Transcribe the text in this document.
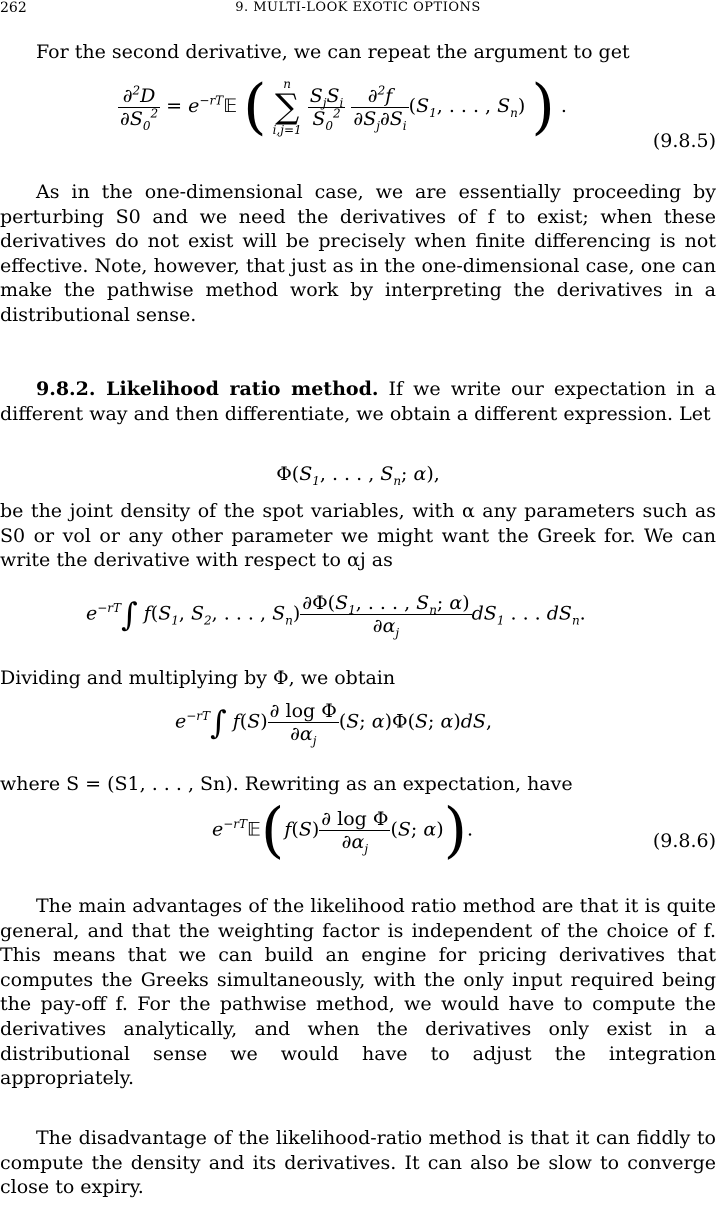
262	9. MULTI-LOOK EXOTIC OPTIONS
For the second derivative, we can repeat the argument to get
$\frac{\partial^2D}{\partial S_0^2}$ = $e^{-rT}𝔼$ (	n
∑
i,j=1

$\frac{S_jS_i}{S_0^2}$
$\frac{\partial^2f}{\partial S_j\partial S_i} (S_1$, . . . , $S_n$) ) .
(9.8.5)
As in the one-dimensional case, we are essentially proceeding by perturbing S0 and we need the derivatives of f to exist; when these derivatives do not exist will be precisely when finite differencing is not effective. Note, however, that just as in the one-dimensional case, one can make the pathwise method work by interpreting the derivatives in a distributional sense.
9.8.2. Likelihood ratio method. If we write our expectation in a different way and then differentiate, we obtain a different expression. Let
$\Phi(S_1$, . . . , $S_n$; α),
be the joint density of the spot variables, with α any parameters such as S0 or vol or any other parameter we might want the Greek for. We can write the derivative with respect to αj as
$e^{-rT}\int$ $f(S_1$, $S_2$, . . . , $S_n) \frac{\partial\Phi(S_1, . . . , S_n; \alpha)}{\partial\alpha_j} dS_1$ . . . $dS_n$.
Dividing and multiplying by Φ, we obtain
$e^{-rT}\int$ $f(S) \frac{\text{∂ log Φ}}{\partial\alpha_j} (S$; α)Φ(S; α)dS,
where S = (S1, . . . , Sn). Rewriting as an expectation, have
$e^{-rT}𝔼(f(S) \frac{\text{∂ log Φ}}{\partial\alpha_j} (S$; α)).
(9.8.6)
The main advantages of the likelihood ratio method are that it is quite general, and that the weighting factor is independent of the choice of f. This means that we can build an engine for pricing derivatives that computes the Greeks simultaneously, with the only input required being the pay-off f. For the pathwise method, we would have to compute the derivatives analytically, and when the derivatives only exist in a distributional sense we would have to adjust the integration appropriately.
The disadvantage of the likelihood-ratio method is that it can fiddly to compute the density and its derivatives. It can also be slow to converge close to expiry.
